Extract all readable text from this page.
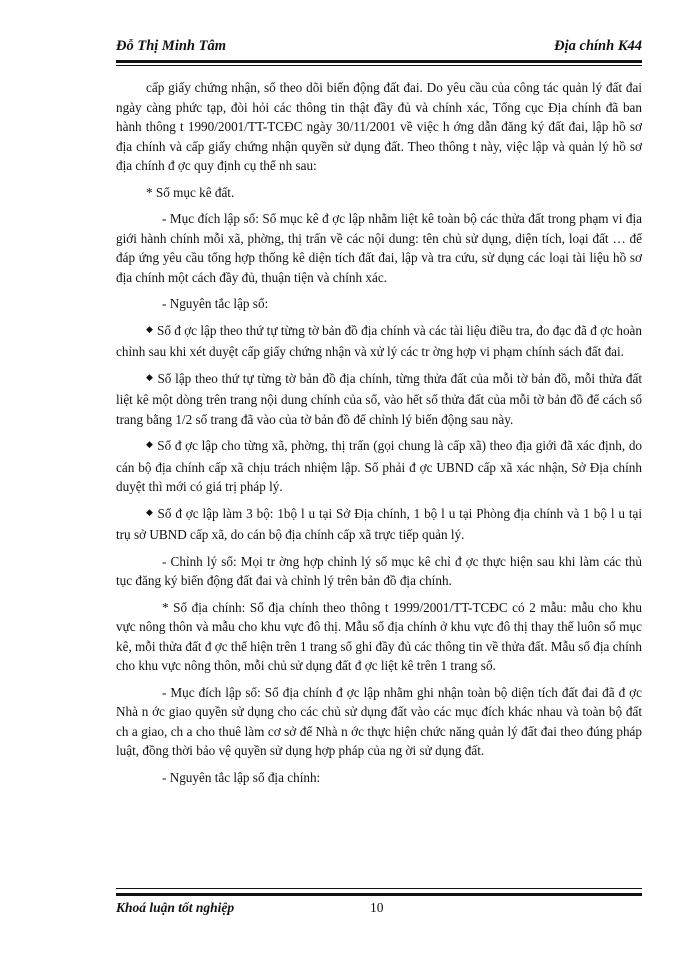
Đỗ Thị Minh Tâm	Địa chính K44

cấp giấy chứng nhận, sổ theo dõi biến động đất đai. Do yêu cầu của công tác quản lý đất đai ngày càng phức tạp, đòi hỏi các thông tin thật đầy đủ và chính xác, Tổng cục Địa chính đã ban hành thông t 1990/2001/TT-TCĐC ngày 30/11/2001 về việc h ớng dẫn đăng ký đất đai, lập hồ sơ địa chính và cấp giấy chứng nhận quyền sử dụng đất. Theo thông t này, việc lập và quản lý hồ sơ địa chính đ ợc quy định cụ thể nh sau:

* Sổ mục kê đất.

- Mục đích lập sổ: Sổ mục kê đ ợc lập nhằm liệt kê toàn bộ các thửa đất trong phạm vi địa giới hành chính mỗi xã, phờng, thị trấn về các nội dung: tên chủ sử dụng, diện tích, loại đất … để đáp ứng yêu cầu tổng hợp thống kê diện tích đất đai, lập và tra cứu, sử dụng các loại tài liệu hồ sơ địa chính một cách đầy đủ, thuận tiện và chính xác.

- Nguyên tắc lập sổ:

◆ Sổ đ ợc lập theo thứ tự từng tờ bản đồ địa chính và các tài liệu điều tra, đo đạc đã đ ợc hoàn chỉnh sau khi xét duyệt cấp giấy chứng nhận và xử lý các tr ờng hợp vi phạm chính sách đất đai.

◆ Sổ lập theo thứ tự từng tờ bản đồ địa chính, từng thửa đất của mỗi tờ bản đồ, mỗi thửa đất liệt kê một dòng trên trang nội dung chính của sổ, vào hết số thửa đất của mỗi tờ bản đồ để cách số trang bằng 1/2 số trang đã vào của tờ bản đồ để chỉnh lý biến động sau này.

◆ Sổ đ ợc lập cho từng xã, phờng, thị trấn (gọi chung là cấp xã) theo địa giới đã xác định, do cán bộ địa chính cấp xã chịu trách nhiệm lập. Sổ phải đ ợc UBND cấp xã xác nhận, Sở Địa chính duyệt thì mới có giá trị pháp lý.

◆ Sổ đ ợc lập làm 3 bộ: 1bộ l u tại Sở Địa chính, 1 bộ l u tại Phòng địa chính và 1 bộ l u tại trụ sở UBND cấp xã, do cán bộ địa chính cấp xã trực tiếp quản lý.

- Chỉnh lý sổ: Mọi tr ờng hợp chỉnh lý sổ mục kê chỉ đ ợc thực hiện sau khi làm các thủ tục đăng ký biến động đất đai và chỉnh lý trên bản đồ địa chính.

* Sổ địa chính: Sổ địa chính theo thông t 1999/2001/TT-TCĐC có 2 mẫu: mẫu cho khu vực nông thôn và mẫu cho khu vực đô thị. Mẫu sổ địa chính ở khu vực đô thị thay thế luôn sổ mục kê, mỗi thửa đất đ ợc thể hiện trên 1 trang sổ ghi đầy đủ các thông tin về thửa đất. Mẫu sổ địa chính cho khu vực nông thôn, mỗi chủ sử dụng đất đ ợc liệt kê trên 1 trang sổ.

- Mục đích lập sổ: Sổ địa chính đ ợc lập nhằm ghi nhận toàn bộ diện tích đất đai đã đ ợc Nhà n ớc giao quyền sử dụng cho các chủ sử dụng đất vào các mục đích khác nhau và toàn bộ đất ch a giao, ch a cho thuê làm cơ sở để Nhà n ớc thực hiện chức năng quản lý đất đai theo đúng pháp luật, đồng thời bảo vệ quyền sử dụng hợp pháp của ng ời sử dụng đất.

- Nguyên tắc lập sổ địa chính:

Khoá luận tốt nghiệp	10
